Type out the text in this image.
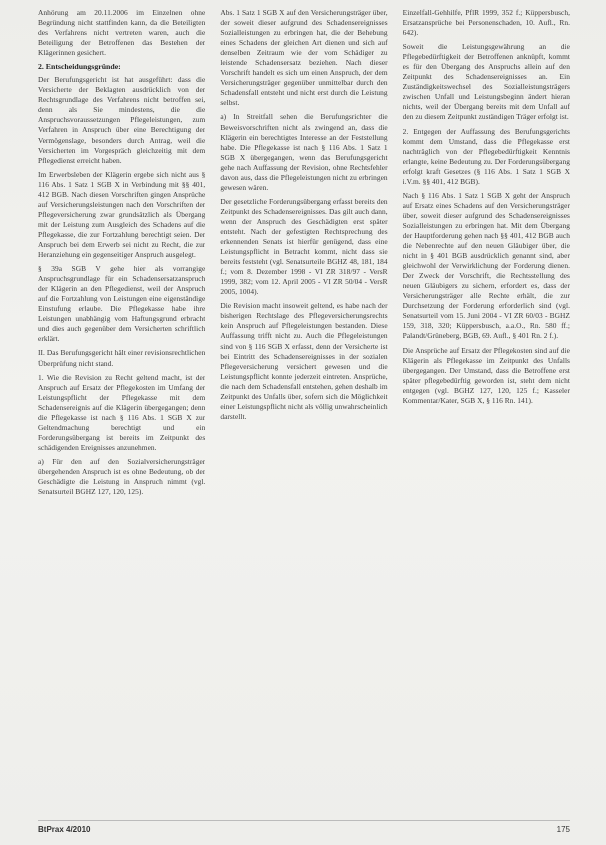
Anhörung am 20.11.2006 im Einzelnen ohne Begründung nicht stattfinden kann, da die Beteiligten des Verfahrens nicht vertreten waren, auch die Beteiligung der Betroffenen das Bestehen der Klägerinnen gesichert.

2. Entscheidungsgründe:

Der Berufungsgericht ist hat ausgeführt: dass die Versicherte der Beklagten ausdrücklich von der Rechtsgrundlage des Verfahrens nicht betroffen sei, denn als Sie mindestens, die die Anspruchsvoraussetzungen Pflegeleistungen, zum Verfahren in Anspruch über eine Berechtigung der Vermögenslage, besonders durch Antrag, weil die Versicherten im Vorgespräch gleichzeitig mit dem Pflegedienst erreicht haben.

Im Erwerbsleben der Klägerin ergebe sich nicht aus § 116 Abs. 1 Satz 1 SGB X in Verbindung mit §§ 401, 412 BGB. Nach diesen Vorschriften gingen Ansprüche auf Versicherungsleistungen nach den Vorschriften der Pflegeversicherung zwar grundsätzlich als Übergang mit der Leistung zum Ausgleich des Schadens auf die Pflegekasse, die zur Fortzahlung berechtigt seien. Der Anspruch bei dem Erwerb sei nicht zu Recht, die zur Heranziehung ein gegenseitiger Anspruch ausgelegt.

§ 39a SGB V gehe hier als vorrangige Anspruchsgrundlage für ein Schadensersatzanspruch der Klägerin an den Pflegedienst, weil der Anspruch auf die Fortzahlung von Leistungen eine eigenständige Einstufung erlaube. Die Pflegekasse habe ihre Leistungen unabhängig vom Haftungsgrund erbracht und dies auch gegenüber dem Versicherten schriftlich erklärt.

II. Das Berufungsgericht hält einer revisionsrechtlichen Überprüfung nicht stand.

1. Wie die Revision zu Recht geltend macht, ist der Anspruch auf Ersatz der Pflegekosten im Umfang der Leistungspflicht der Pflegekasse mit dem Schadensereignis auf die Klägerin übergegangen; denn die Pflegekasse ist nach § 116 Abs. 1 SGB X zur Geltendmachung berechtigt und ein Forderungsübergang ist bereits im Zeitpunkt des schädigenden Ereignisses anzunehmen.

a) Für den auf den Sozialversicherungsträger übergehenden Anspruch ist es ohne Bedeutung, ob der Geschädigte die Leistung in Anspruch nimmt (vgl. Senatsurteil BGHZ 127, 120, 125).

Abs. 1 Satz 1 SGB X auf den Versicherungsträger über, der soweit dieser aufgrund des Schadensereignisses Sozialleistungen zu erbringen hat, die der Behebung eines Schadens der gleichen Art dienen und sich auf denselben Zeitraum wie der vom Schädiger zu leistende Schadensersatz beziehen. Nach dieser Vorschrift handelt es sich um einen Anspruch, der dem Versicherungsträger gegenüber unmittelbar durch den Schadensfall entsteht und nicht erst durch die Leistung selbst.

a) In Streitfall sehen die Berufungsrichter die Beweisvorschriften nicht als zwingend an, dass die Klägerin ein berechtigtes Interesse an der Feststellung habe. Die Pflegekasse ist nach § 116 Abs. 1 Satz 1 SGB X übergegangen, wenn das Berufungsgericht gehe nach Auffassung der Revision, ohne Rechtsfehler davon aus, dass die Pflegeleistungen nicht zu erbringen gewesen wären.

Der gesetzliche Forderungsübergang erfasst bereits den Zeitpunkt des Schadensereignisses. Das gilt auch dann, wenn der Anspruch des Geschädigten erst später entsteht. Nach der gefestigten Rechtsprechung des erkennenden Senats ist hierfür genügend, dass eine Leistungspflicht in Betracht kommt, nicht dass sie bereits feststeht (vgl. Senatsurteile BGHZ 48, 181, 184 f.; vom 8. Dezember 1998 - VI ZR 318/97 - VersR 1999, 382; vom 12. April 2005 - VI ZR 50/04 - VersR 2005, 1004).

Die Revision macht insoweit geltend, es habe nach der bisherigen Rechtslage des Pflegeversicherungsrechts kein Anspruch auf Pflegeleistungen bestanden. Diese Auffassung trifft nicht zu. Auch die Pflegeleistungen sind von § 116 SGB X erfasst, denn der Versicherte ist bei Eintritt des Schadensereignisses in der sozialen Pflegeversicherung versichert gewesen und die Leistungspflicht konnte jederzeit eintreten. Ansprüche, die nach dem Schadensfall entstehen, gehen deshalb im Zeitpunkt des Unfalls über, sofern sich die Möglichkeit einer Leistungspflicht nicht als völlig unwahrscheinlich darstellt.

Einzelfall-Gehhilfe, PflR 1999, 352 f.; Küppersbusch, Ersatzansprüche bei Personenschaden, 10. Aufl., Rn. 642).

Soweit die Leistungsgewährung an die Pflegebedürftigkeit der Betroffenen anknüpft, kommt es für den Übergang des Anspruchs allein auf den Zeitpunkt des Schadensereignisses an. Ein Zuständigkeitswechsel des Sozialleistungsträgers zwischen Unfall und Leistungsbeginn ändert hieran nichts, weil der Übergang bereits mit dem Unfall auf den zu diesem Zeitpunkt zuständigen Träger erfolgt ist.

2. Entgegen der Auffassung des Berufungsgerichts kommt dem Umstand, dass die Pflegekasse erst nachträglich von der Pflegebedürftigkeit Kenntnis erlangte, keine Bedeutung zu. Der Forderungsübergang erfolgt kraft Gesetzes (§ 116 Abs. 1 Satz 1 SGB X i.V.m. §§ 401, 412 BGB).

Nach § 116 Abs. 1 Satz 1 SGB X geht der Anspruch auf Ersatz eines Schadens auf den Versicherungsträger über, soweit dieser aufgrund des Schadensereignisses Sozialleistungen zu erbringen hat. Mit dem Übergang der Hauptforderung gehen nach §§ 401, 412 BGB auch die Nebenrechte auf den neuen Gläubiger über, die nicht in § 401 BGB ausdrücklich genannt sind, aber gleichwohl der Verwirklichung der Forderung dienen. Der Zweck der Vorschrift, die Rechtsstellung des neuen Gläubigers zu sichern, erfordert es, dass der Versicherungsträger alle Rechte erhält, die zur Durchsetzung der Forderung erforderlich sind (vgl. Senatsurteil vom 15. Juni 2004 - VI ZR 60/03 - BGHZ 159, 318, 320; Küppersbusch, a.a.O., Rn. 580 ff.; Palandt/Grüneberg, BGB, 69. Aufl., § 401 Rn. 2 f.).

Die Ansprüche auf Ersatz der Pflegekosten sind auf die Klägerin als Pflegekasse im Zeitpunkt des Unfalls übergegangen. Der Umstand, dass die Betroffene erst später pflegebedürftig geworden ist, steht dem nicht entgegen (vgl. BGHZ 127, 120, 125 f.; Kasseler Kommentar/Kater, SGB X, § 116 Rn. 141).

BtPrax 4/2010	175
